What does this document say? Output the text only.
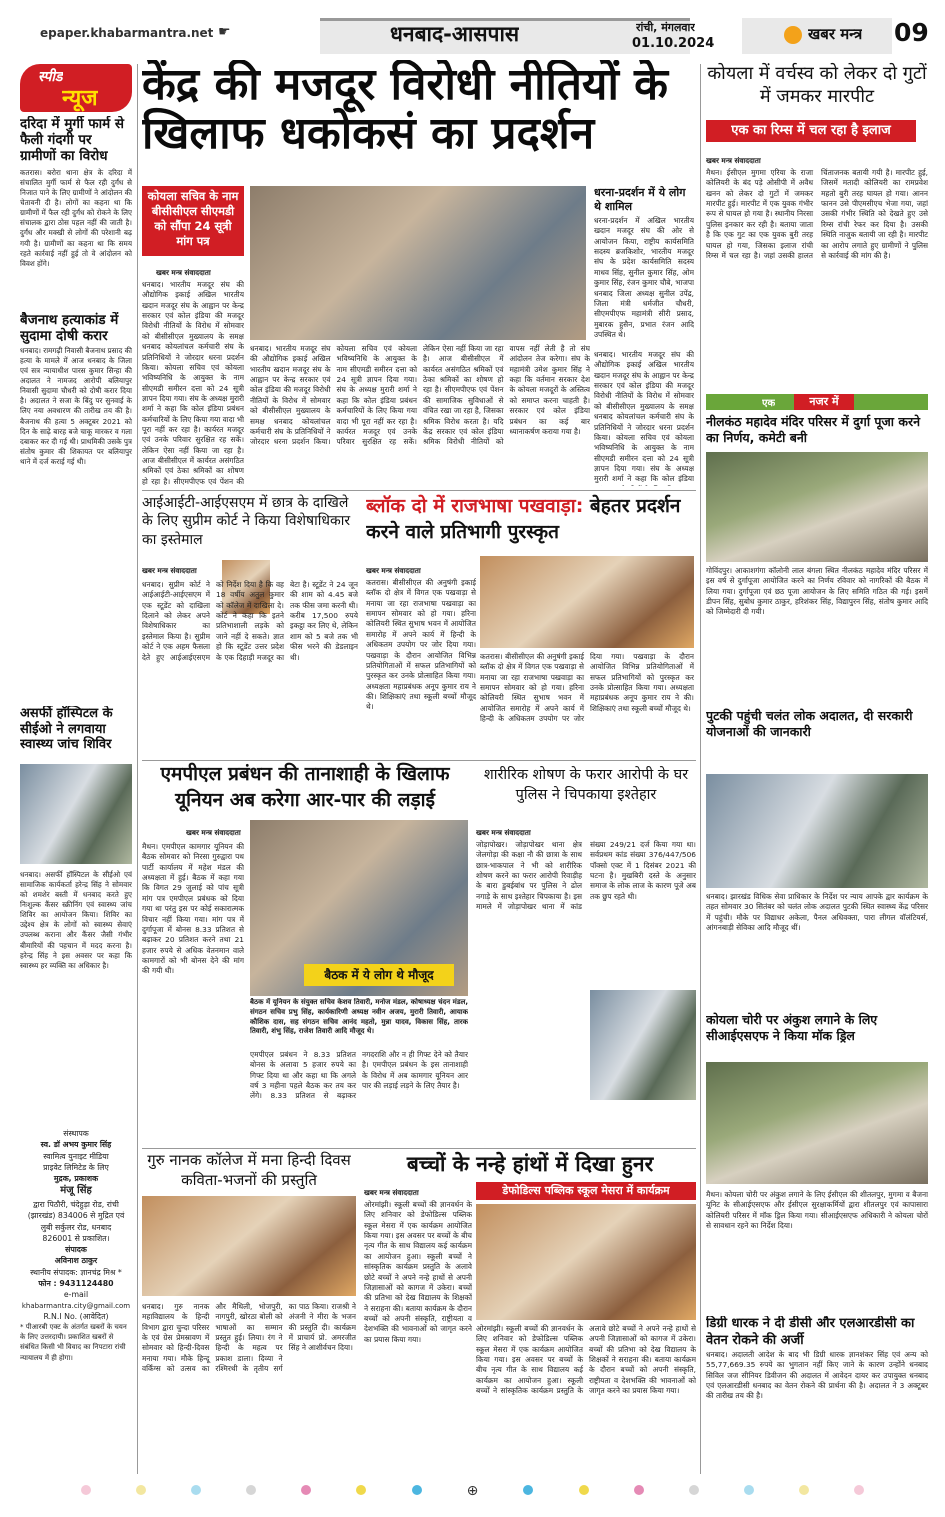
epaper.khabarmantra.net ☛	धनबाद-आसपास	रांची, मंगलवार
01.10.2024
खबर मन्त्र 09
स्पीड
न्यूज
दरिदा में मुर्गी फार्म से फैली गंदगी पर ग्रामीणों का विरोध
कतरास। बरोरा थाना क्षेत्र के दरिदा में संचालित मुर्गी फार्म से फैल रही दुर्गंध से निजात पाने के लिए ग्रामीणों ने आंदोलन की चेतावनी दी है। लोगों का कहना था कि ग्रामीणों में फैल रही दुर्गंध को रोकने के लिए संचालक द्वारा ठोस पहल नहीं की जाती है। दुर्गंध और मक्खी से लोगों की परेशानी बढ़ गयी है। ग्रामीणों का कहना था कि समय रहते कार्रवाई नहीं हुई तो वे आंदोलन को विवश होंगे।
बैजनाथ हत्याकांड में सुदामा दोषी करार
धनबाद। रामगढ़ी निवासी बैजनाथ प्रसाद की हत्या के मामले में आज धनबाद के जिला एवं सत्र न्यायाधीश पारस कुमार सिन्हा की अदालत ने नामजद आरोपी बलियापुर निवासी सुदामा चौधरी को दोषी करार दिया है। अदालत ने सजा के बिंदु पर सुनवाई के लिए नया अवधारण की तारीख तय की है। बैजनाथ की हत्या 5 अक्टूबर 2021 को दिन के साढ़े बारह बजे चाकू मारकर व गला दबाकर कर दी गई थी। प्राथमिकी उसके पुत्र संतोष कुमार की शिकायत पर बलियापुर थाने में दर्ज कराई गई थी।
असर्फी हॉस्पिटल के सीईओ ने लगवाया स्वास्थ्य जांच शिविर
धनबाद। असर्फी हॉस्पिटल के सीईओ एवं सामाजिक कार्यकर्ता हरेन्द्र सिंह ने सोमवार को शमशेर बस्ती में धनबाद करते हुए निःशुल्क कैंसर स्क्रीनिंग एवं स्वास्थ्य जांच शिविर का आयोजन किया। शिविर का उद्देश्य क्षेत्र के लोगों को स्वास्थ्य सेवाएं उपलब्ध कराना और कैंसर जैसी गंभीर बीमारियों की पहचान में मदद करना है। हरेन्द्र सिंह ने इस अवसर पर कहा कि स्वास्थ्य हर व्यक्ति का अधिकार है।
संस्थापक
स्व. डॉ अभय कुमार सिंह
स्वामित्व युनाइट मीडिया
प्राइवेट लिमिटेड के लिए
मुद्रक, प्रकाशक
मंजू सिंह
द्वारा पिठौरी, चंदेहुड़ा रोड, रांची
(झारखंड) 834006 से मुद्रित एवं
लुबी सर्कुलर रोड, धनबाद
826001 से प्रकाशित।
संपादक
अविनाश ठाकुर
स्थानीय संपादक: ज्ञानचंद्र मिश्र *
फोन : 9431124480
e-mail
khabarmantra.city@gmail.com
R.N.I No. (आवेदित)
* पीआरबी एक्ट के अंतर्गत खबरों के चयन के लिए उत्तरदायी। प्रकाशित खबरों से संबंधित किसी भी विवाद का निपटारा रांची न्यायालय में ही होगा।
केंद्र की मजदूर विरोधी नीतियों के खिलाफ धकोकसं का प्रदर्शन
कोयला सचिव के नाम बीसीसीएल सीएमडी को सौंपा 24 सूत्री मांग पत्र
खबर मन्त्र संवाददाता
धनबाद। भारतीय मजदूर संघ की औद्योगिक इकाई अखिल भारतीय खदान मजदूर संघ के आह्वान पर केन्द्र सरकार एवं कोल इंडिया की मजदूर विरोधी नीतियों के विरोध में सोमवार को बीसीसीएल मुख्यालय के समक्ष धनबाद कोयलांचल कर्मचारी संघ के प्रतिनिधियों ने जोरदार धरना प्रदर्शन किया। कोयला सचिव एवं कोयला भविष्यनिधि के आयुक्त के नाम सीएमडी समीरन दत्ता को 24 सूत्री ज्ञापन दिया गया। संघ के अध्यक्ष मुरारी शर्मा ने कहा कि कोल इंडिया प्रबंधन कर्मचारियों के लिए किया गया वादा भी पूरा नहीं कर रहा है। कार्यरत मजदूर एवं उनके परिवार सुरक्षित रह सकें। लेकिन ऐसा नहीं किया जा रहा है। आज बीसीसीएल में कार्यरत असंगठित श्रमिकों एवं ठेका श्रमिकों का शोषण हो रहा है। सीएमपीएफ एवं पेंशन की
धनबाद। भारतीय मजदूर संघ की औद्योगिक इकाई अखिल भारतीय खदान मजदूर संघ के आह्वान पर केन्द्र सरकार एवं कोल इंडिया की मजदूर विरोधी नीतियों के विरोध में सोमवार को बीसीसीएल मुख्यालय के समक्ष धनबाद कोयलांचल कर्मचारी संघ के प्रतिनिधियों ने जोरदार धरना प्रदर्शन किया। कोयला सचिव एवं कोयला भविष्यनिधि के आयुक्त के नाम सीएमडी समीरन दत्ता को 24 सूत्री ज्ञापन दिया गया। संघ के अध्यक्ष मुरारी शर्मा ने कहा कि कोल इंडिया प्रबंधन कर्मचारियों के लिए किया गया वादा भी पूरा नहीं कर रहा है। कार्यरत मजदूर एवं उनके परिवार सुरक्षित रह सकें। लेकिन ऐसा नहीं किया जा रहा है। आज बीसीसीएल में कार्यरत असंगठित श्रमिकों एवं ठेका श्रमिकों का शोषण हो रहा है। सीएमपीएफ एवं पेंशन की सामाजिक सुविधाओं से वंचित रखा जा रहा है, जिसका श्रमिक विरोध करता है। यदि केंद्र सरकार एवं कोल इंडिया श्रमिक विरोधी नीतियों को वापस नहीं लेती है तो संघ आंदोलन तेज करेगा। संघ के महामंत्री उमेश कुमार सिंह ने कहा कि वर्तमान सरकार देश के कोयला मजदूरों के अस्तित्व को समाप्त करना चाहती है। सरकार एवं कोल इंडिया प्रबंधन का कई बार ध्यानाकर्षण कराया गया है।
धरना-प्रदर्शन में ये लोग थे शामिल
धरना-प्रदर्शन में अखिल भारतीय खदान मजदूर संघ की ओर से आयोजन किया, राष्ट्रीय कार्यसमिति सदस्य ब्रजकिशोर, भारतीय मजदूर संघ के प्रदेश कार्यसमिति सदस्य माधव सिंह, सुनील कुमार सिंह, ओम कुमार सिंह, रंजन कुमार चौबे, भाजपा धनबाद जिला अध्यक्ष सुनील उपेंद्र, जिला मंत्री धर्मजीत चौधरी, सीएमपीएफ महामंत्री सीरी प्रसाद, मुबारक हुसैन, प्रभात रंजन आदि उपस्थित थे।
धनबाद। भारतीय मजदूर संघ की औद्योगिक इकाई अखिल भारतीय खदान मजदूर संघ के आह्वान पर केन्द्र सरकार एवं कोल इंडिया की मजदूर विरोधी नीतियों के विरोध में सोमवार को बीसीसीएल मुख्यालय के समक्ष धनबाद कोयलांचल कर्मचारी संघ के प्रतिनिधियों ने जोरदार धरना प्रदर्शन किया। कोयला सचिव एवं कोयला भविष्यनिधि के आयुक्त के नाम सीएमडी समीरन दत्ता को 24 सूत्री ज्ञापन दिया गया। संघ के अध्यक्ष मुरारी शर्मा ने कहा कि कोल इंडिया
कोयला में वर्चस्व को लेकर दो गुटों में जमकर मारपीट
एक का रिम्स में चल रहा है इलाज
खबर मन्त्र संवाददाता
मैथन। ईसीएल मुगमा एरिया के राजा कोलियरी के बंद पड़े ओसीपी में अवैध खनन को लेकर दो गुटों में जमकर मारपीट हुई। मारपीट में एक युवक गंभीर रूप से घायल हो गया है। स्थानीय निरसा पुलिस इनकार कर रही है। बताया जाता है कि एक गुट का एक युवक बुरी तरह घायल हो गया, जिसका इलाज रांची रिम्स में चल रहा है। जहां उसकी हालत चिंताजनक बतायी गयी है। मारपीट हुई, जिसमें मतादी कोलियरी का रामप्रवेश महतो बुरी तरह घायल हो गया। आनन फानन उसे पीएमसीएच भेजा गया, जहां उसकी गंभीर स्थिति को देखते हुए उसे रिम्स रांची रेफर कर दिया है। उसकी स्थिति नाजुक बतायी जा रही है। मारपीट का आरोप लगाते हुए ग्रामीणों ने पुलिस से कार्रवाई की मांग की है।
एक	नजर में
नीलकंठ महादेव मंदिर परिसर में दुर्गा पूजा करने का निर्णय, कमेटी बनी
गोविंदपुर। आकाशगंगा कॉलोनी लाल बंगला स्थित नीलकंठ महादेव मंदिर परिसर में इस वर्ष से दुर्गापूजा आयोजित करने का निर्णय रविवार को नागरिकों की बैठक में लिया गया। दुर्गापूजा एवं छठ पूजा आयोजन के लिए समिति गठित की गई। इसमें डीपन सिंह, सुबोध कुमार ठाकुर, हरिशंकर सिंह, विद्यापुरन सिंह, संतोष कुमार आदि को जिम्मेदारी दी गयी।
पुटकी पहुंची चलंत लोक अदालत, दी सरकारी योजनाओं की जानकारी
धनबाद। झारखंड विधिक सेवा प्राधिकार के निर्देश पर न्याय आपके द्वार कार्यक्रम के तहत सोमवार 30 सितंबर को चलंत लोक अदालत पुटकी स्थित स्वास्थ्य केंद्र परिसर में पहुंची। मौके पर विद्याधर अकेला, पैनल अधिवक्ता, पारा लीगल वॉलंटियर्स, आंगनबाड़ी सेविका आदि मौजूद थीं।
कोयला चोरी पर अंकुश लगाने के लिए सीआईएसएफ ने किया मॉक ड्रिल
मैथन। कोयला चोरी पर अंकुश लगाने के लिए ईसीएल की शीतलपुर, मुगमा व बैजना यूनिट के सीआईएसएफ और ईसीएल सुरक्षाकर्मियों द्वारा शीतलपुर एवं कापासारा कोलियरी परिसर में मॉक ड्रिल किया गया। सीआईएसएफ अधिकारी ने कोयला चोरों से सावधान रहने का निर्देश दिया।
डिग्री धारक ने दी डीसी और एलआरडीसी का वेतन रोकने की अर्जी
धनबाद। अदालती आदेश के बाद भी डिग्री धारक ज्ञानशंकर सिंह एवं अन्य को 55,77,669.35 रुपये का भुगतान नहीं किए जाने के कारण उन्होंने धनबाद सिविल जज सीनियर डिवीजन की अदालत में आवेदन दायर कर उपायुक्त धनबाद एवं एलआरडीसी धनबाद का वेतन रोकने की प्रार्थना की है। अदालत ने 3 अक्टूबर की तारीख तय की है।
आईआईटी-आईएसएम में छात्र के दाखिले के लिए सुप्रीम कोर्ट ने किया विशेषाधिकार का इस्तेमाल
खबर मन्त्र संवाददाता
धनबाद। सुप्रीम कोर्ट ने आईआईटी-आईएसएम में एक स्टूडेंट को दाखिला दिलाने को लेकर अपने विशेषाधिकार का इस्तेमाल किया है। सुप्रीम कोर्ट ने एक अहम फैसला देते हुए आईआईएसएम को निर्देश दिया है कि वह 18 वर्षीय अतुल कुमार को कॉलेज में दाखिला दे। कोर्ट ने कहा कि इतने प्रतिभाशाली लड़के को जाने नहीं दे सकते। ज्ञात हो कि स्टूडेंट उत्तर प्रदेश के एक दिहाड़ी मजदूर का बेटा है। स्टूडेंट ने 24 जून की शाम को 4.45 बजे तक फीस जमा करनी थी। करीब 17,500 रुपये इकट्ठा कर लिए थे, लेकिन शाम को 5 बजे तक भी फीस भरने की डेडलाइन थी।
ब्लॉक दो में राजभाषा पखवाड़ा: बेहतर प्रदर्शन करने वाले प्रतिभागी पुरस्कृत
खबर मन्त्र संवाददाता
कतरास। बीसीसीएल की अनुषंगी इकाई ब्लॉक दो क्षेत्र में विगत एक पखवाड़ा से मनाया जा रहा राजभाषा पखवाड़ा का समापन सोमवार को हो गया। हरिना कोलियरी स्थित सुभाष भवन में आयोजित समारोह में अपने कार्य में हिन्दी के अधिकतम उपयोग पर जोर दिया गया। पखवाड़ा के दौरान आयोजित विभिन्न प्रतियोगिताओं में सफल प्रतिभागियों को पुरस्कृत कर उनके प्रोत्साहित किया गया। अध्यक्षता महाप्रबंधक अनूप कुमार राय ने की। शिक्षिकाएं तथा स्कूली बच्चों मौजूद थे।
कतरास। बीसीसीएल की अनुषंगी इकाई ब्लॉक दो क्षेत्र में विगत एक पखवाड़ा से मनाया जा रहा राजभाषा पखवाड़ा का समापन सोमवार को हो गया। हरिना कोलियरी स्थित सुभाष भवन में आयोजित समारोह में अपने कार्य में हिन्दी के अधिकतम उपयोग पर जोर दिया गया। पखवाड़ा के दौरान आयोजित विभिन्न प्रतियोगिताओं में सफल प्रतिभागियों को पुरस्कृत कर उनके प्रोत्साहित किया गया। अध्यक्षता महाप्रबंधक अनूप कुमार राय ने की। शिक्षिकाएं तथा स्कूली बच्चों मौजूद थे।
एमपीएल प्रबंधन की तानाशाही के खिलाफ यूनियन अब करेगा आर-पार की लड़ाई
खबर मन्त्र संवाददाता
मैथन। एमपीएल कामगार यूनियन की बैठक सोमवार को निरसा गुरुद्वारा पथ पार्टी कार्यालय में महेश मंडल की अध्यक्षता में हुई। बैठक में कहा गया कि विगत 29 जुलाई को पांच सूत्री मांग पत्र एमपीएल प्रबंधक को दिया गया था परंतु इस पर कोई सकारात्मक विचार नहीं किया गया। मांग पत्र में दुर्गापूजा में बोनस 8.33 प्रतिशत से बढ़ाकर 20 प्रतिशत करने तथा 21 हजार रुपये से अधिक वेतनमान वाले कामगारों को भी बोनस देने की मांग की गयी थी।	बैठक में ये लोग थे मौजूद
बैठक में यूनियन के संयुक्त सचिव केशव तिवारी, मनोज मंडल, कोषाध्यक्ष चंदन मंडल, संगठन सचिव प्रभु सिंह, कार्यकारिणी अध्यक्ष नवीन अजय, मुरारी तिवारी, आयाक कौशिक दास, सह संगठन सचिव आनंद महतो, मुन्ना यादव, विकास सिंह, तारक तिवारी, शंभु सिंह, राजेश तिवारी आदि मौजूद थे।
एमपीएल प्रबंधन ने 8.33 प्रतिशत बोनस के अलावा 5 हजार रुपये का गिफ्ट दिया था और कहा था कि अगले वर्ष 3 महीना पहले बैठक कर तय कर लेंगे। 8.33 प्रतिशत से बढ़ाकर नगदराशि और न ही गिफ्ट देने को तैयार है। एमपीएल प्रबंधन के इस तानाशाही के विरोध में अब कामगार यूनियन आर पार की लड़ाई लड़ने के लिए तैयार है।
शारीरिक शोषण के फरार आरोपी के घर पुलिस ने चिपकाया इश्तेहार
खबर मन्त्र संवाददाता
जोड़ापोखर। जोड़ापोखर थाना क्षेत्र जेलगोड़ा की कक्षा नौ की छात्रा के साथ छात्र-भाकपाल ने भी को शारीरिक शोषण करने का फरार आरोपी रिवाड़ीह के बारा डुबईबांध पर पुलिस ने ढोल नगाड़े के साथ इश्तेहार चिपकाया है। इस मामले में जोड़ापोखर थाना में कांड संख्या 249/21 दर्ज किया गया था। सर्वप्रथम कांड संख्या 376/447/506 पॉक्सो एक्ट में 1 दिसंबर 2021 की घटना है। मुखबिरी दस्ते के अनुसार समाज के लोक लाज के कारण पूजे अब तक छुप रहते थी।
गुरु नानक कॉलेज में मना हिन्दी दिवस कविता-भजनों की प्रस्तुति
धनबाद। गुरु नानक महाविद्यालय के हिन्दी विभाग द्वारा चुन्दा परिसर के एवं ग्रेस प्रेमस्रावण में सोमवार को हिन्दी-दिवस मनाया गया। मौके हिन्दू वर्किंग्स को उत्सव का और मैथिली, भोजपुरी, नागपुरी, खोरठा बोली को भाषाओं का सम्मान प्रस्तुत हुई। लिया। रंग ने हिन्दी के महत्व पर प्रकाश डाला। दिव्या ने रश्मिरथी के तृतीय सर्ग का पाठ किया। राजश्री ने अंजनी ने मीरा के भजन की प्रस्तुति दी। कार्यक्रम में प्राचार्य प्रो. अमरजीत सिंह ने आशीर्वचन दिया।
बच्चों के नन्हे हांथों में दिखा हुनर
खबर मन्त्र संवाददाता	डेफोडिल्स पब्लिक स्कूल मेसरा में कार्यक्रम
ओरमांझी। स्कूली बच्चों की ज्ञानवर्धन के लिए शनिवार को डेफोडिल्स पब्लिक स्कूल मेसरा में एक कार्यक्रम आयोजित किया गया। इस अवसर पर बच्चों के बीच नृत्य गीत के साथ विद्यालय कई कार्यक्रम का आयोजन हुआ। स्कूली बच्चों ने सांस्कृतिक कार्यक्रम प्रस्तुति के अलावे छोटे बच्चों ने अपने नन्हे हाथों से अपनी जिज्ञासाओं को कागज में उकेरा। बच्चों की प्रतिभा को देख विद्यालय के शिक्षकों ने सराहना की। बताया कार्यक्रम के दौरान बच्चों को अपनी संस्कृति, राष्ट्रीयता व देशभक्ति की भावनाओं को जागृत करने का प्रयास किया गया।
ओरमांझी। स्कूली बच्चों की ज्ञानवर्धन के लिए शनिवार को डेफोडिल्स पब्लिक स्कूल मेसरा में एक कार्यक्रम आयोजित किया गया। इस अवसर पर बच्चों के बीच नृत्य गीत के साथ विद्यालय कई कार्यक्रम का आयोजन हुआ। स्कूली बच्चों ने सांस्कृतिक कार्यक्रम प्रस्तुति के अलावे छोटे बच्चों ने अपने नन्हे हाथों से अपनी जिज्ञासाओं को कागज में उकेरा। बच्चों की प्रतिभा को देख विद्यालय के शिक्षकों ने सराहना की। बताया कार्यक्रम के दौरान बच्चों को अपनी संस्कृति, राष्ट्रीयता व देशभक्ति की भावनाओं को जागृत करने का प्रयास किया गया।
⊕
